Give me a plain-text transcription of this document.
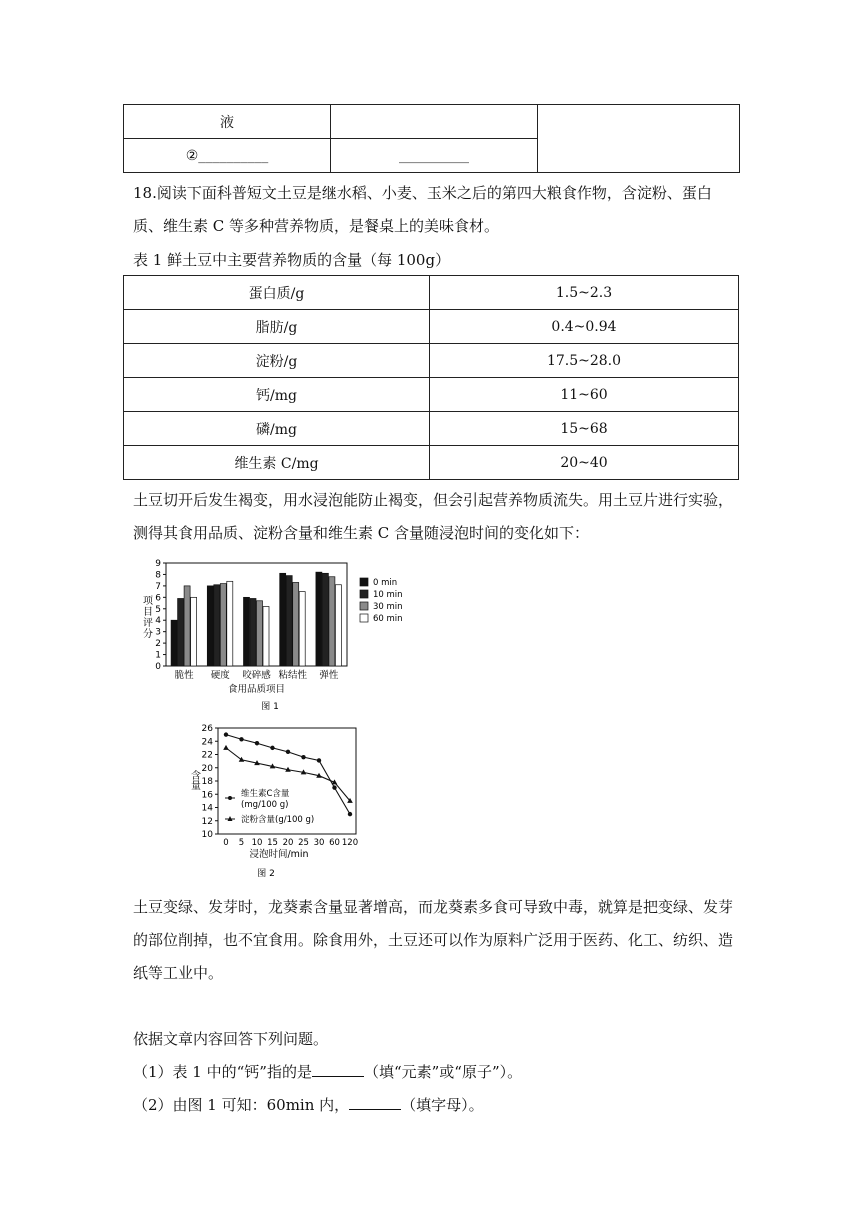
液		
②__________	__________	
18.阅读下面科普短文土豆是继水稻、小麦、玉米之后的第四大粮食作物，含淀粉、蛋白质、维生素 C 等多种营养物质，是餐桌上的美味食材。
表 1 鲜土豆中主要营养物质的含量（每 100g）
蛋白质/g	1.5~2.3
脂肪/g	0.4~0.94
淀粉/g	17.5~28.0
钙/mg	11~60
磷/mg	15~68
维生素 C/mg	20~40
土豆切开后发生褐变，用水浸泡能防止褐变，但会引起营养物质流失。用土豆片进行实验，测得其食用品质、淀粉含量和维生素 C 含量随浸泡时间的变化如下：
0
1
2
3
4
5
6
7
8
9
项目评分
脆性 硬度 咬碎感 粘结性 弹性
食用品质项目
图 1
0 min
10 min
30 min
60 min
10
12
14
16
18
20
22
24
26
含量
0 5 10 15 20 25 30 60 120
浸泡时间/min
图 2
维生素C含量
(mg/100 g)
淀粉含量(g/100 g)
土豆变绿、发芽时，龙葵素含量显著增高，而龙葵素多食可导致中毒，就算是把变绿、发芽的部位削掉，也不宜食用。除食用外，土豆还可以作为原料广泛用于医药、化工、纺织、造纸等工业中。
依据文章内容回答下列问题。
（1）表 1 中的“钙”指的是	（填“元素”或“原子”）。
（2）由图 1 可知：60min 内，	（填字母）。
